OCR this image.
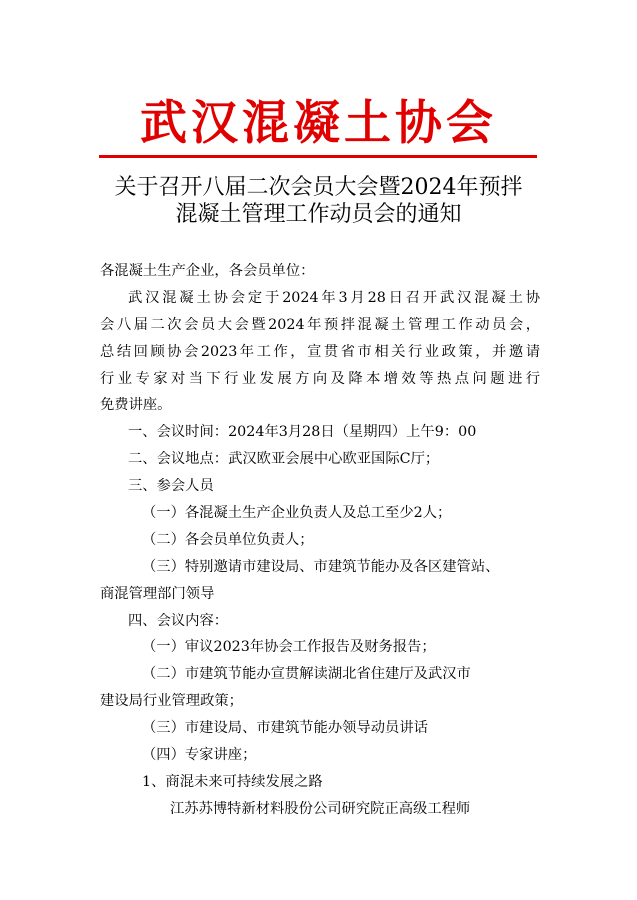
武汉混凝土协会
关于召开八届二次会员大会暨2024年预拌
混凝土管理工作动员会的通知
各混凝土生产企业，各会员单位：
武汉混凝土协会定于2024年3月28日召开武汉混凝土协
会八届二次会员大会暨2024年预拌混凝土管理工作动员会，
总结回顾协会2023年工作，宣贯省市相关行业政策，并邀请
行业专家对当下行业发展方向及降本增效等热点问题进行
免费讲座。
一、会议时间：2024年3月28日（星期四）上午9：00
二、会议地点：武汉欧亚会展中心欧亚国际C厅；
三、参会人员
（一）各混凝土生产企业负责人及总工至少2人；
（二）各会员单位负责人；
（三）特别邀请市建设局、市建筑节能办及各区建管站、
商混管理部门领导
四、会议内容：
（一）审议2023年协会工作报告及财务报告；
（二）市建筑节能办宣贯解读湖北省住建厅及武汉市
建设局行业管理政策；
（三）市建设局、市建筑节能办领导动员讲话
（四）专家讲座；
1、商混未来可持续发展之路
江苏苏博特新材料股份公司研究院正高级工程师
